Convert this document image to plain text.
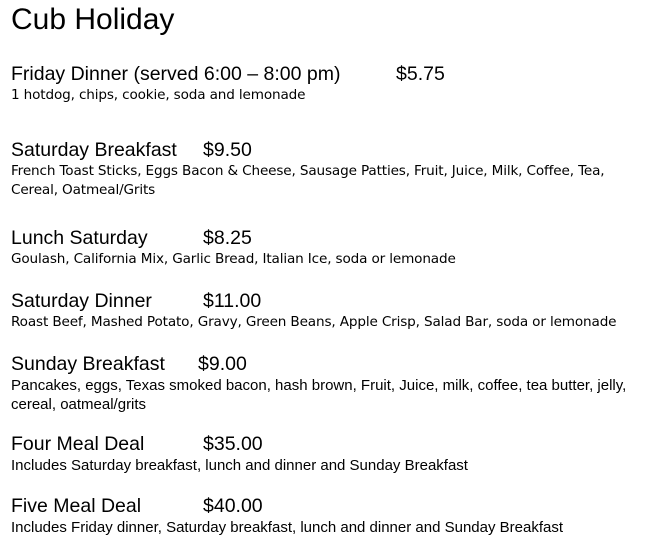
Cub Holiday
Friday Dinner (served 6:00 – 8:00 pm)	$5.75
1 hotdog, chips, cookie, soda and lemonade
Saturday Breakfast $9.50
French Toast Sticks, Eggs Bacon & Cheese, Sausage Patties, Fruit, Juice, Milk, Coffee, Tea, Cereal, Oatmeal/Grits
Lunch Saturday	$8.25
Goulash, California Mix, Garlic Bread, Italian Ice, soda or lemonade
Saturday Dinner	$11.00
Roast Beef, Mashed Potato, Gravy, Green Beans, Apple Crisp, Salad Bar, soda or lemonade
Sunday Breakfast $9.00
Pancakes, eggs, Texas smoked bacon, hash brown, Fruit, Juice, milk, coffee, tea butter, jelly, cereal, oatmeal/grits
Four Meal Deal	$35.00
Includes Saturday breakfast, lunch and dinner and Sunday Breakfast
Five Meal Deal	$40.00
Includes Friday dinner, Saturday breakfast, lunch and dinner and Sunday Breakfast
